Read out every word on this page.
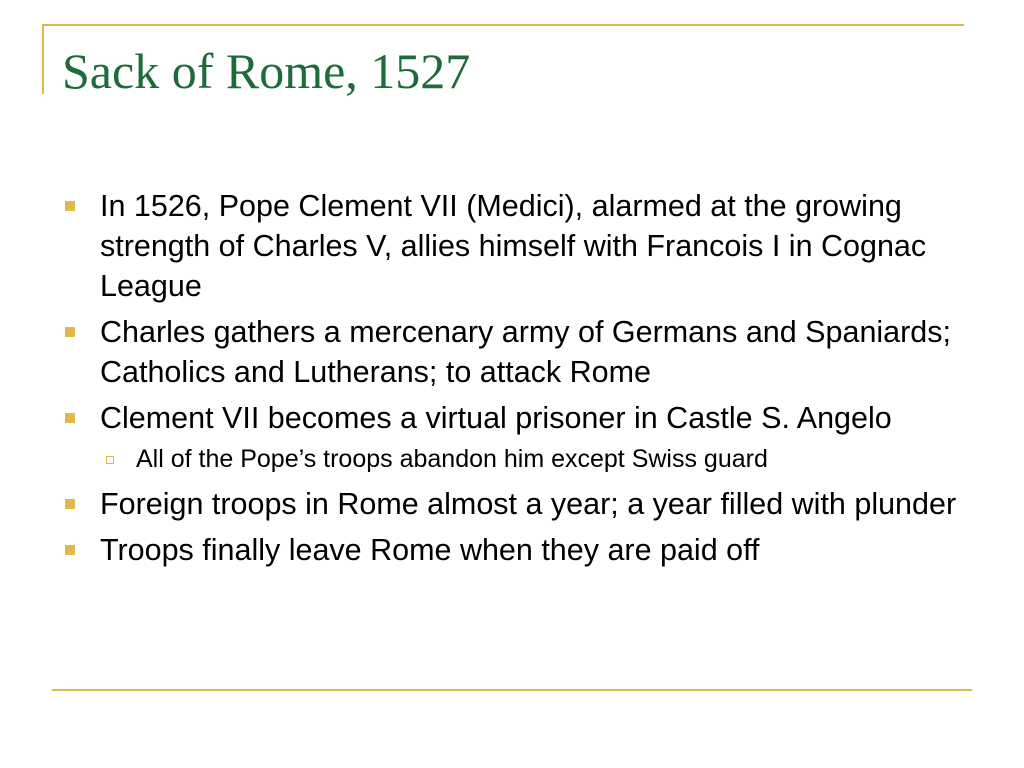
Sack of Rome, 1527
In 1526, Pope Clement VII (Medici), alarmed at the growing strength of Charles V, allies himself with Francois I in Cognac League
Charles gathers a mercenary army of Germans and Spaniards; Catholics and Lutherans; to attack Rome
Clement VII becomes a virtual prisoner in Castle S. Angelo
All of the Pope’s troops abandon him except Swiss guard
Foreign troops in Rome almost a year; a year filled with plunder
Troops finally leave Rome when they are paid off
